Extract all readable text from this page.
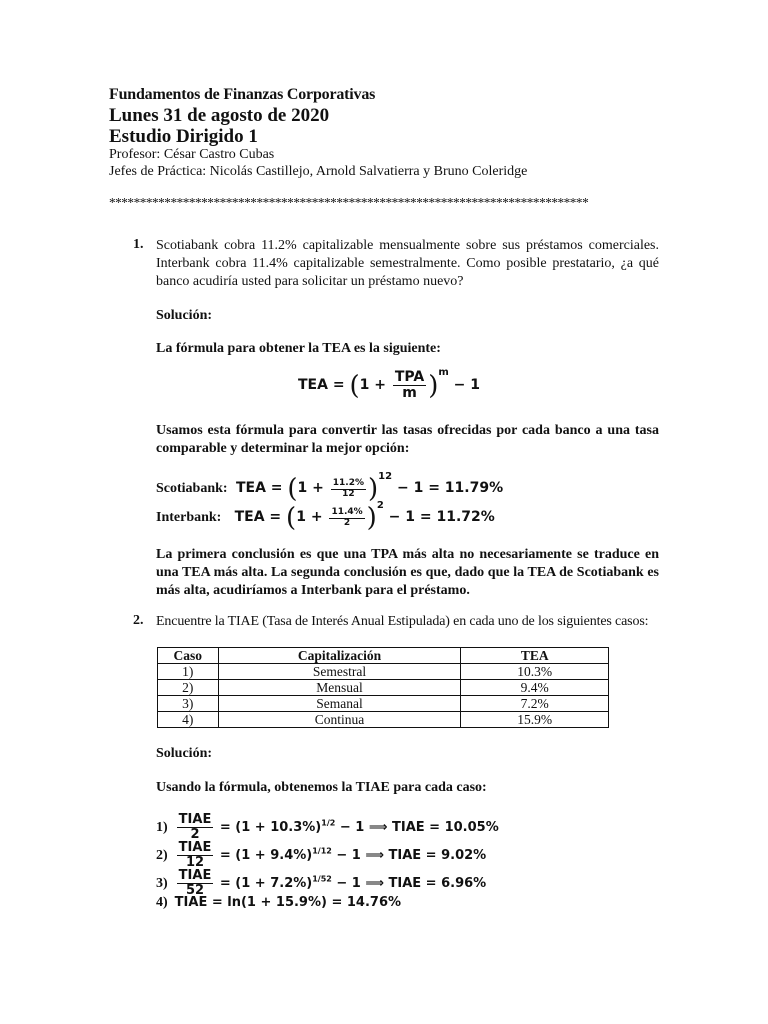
Fundamentos de Finanzas Corporativas
Lunes 31 de agosto de 2020
Estudio Dirigido 1
Profesor: César Castro Cubas
Jefes de Práctica: Nicolás Castillejo, Arnold Salvatierra y Bruno Coleridge
******************************************************************************
1. Scotiabank cobra 11.2% capitalizable mensualmente sobre sus préstamos comerciales. Interbank cobra 11.4% capitalizable semestralmente. Como posible prestatario, ¿a qué banco acudiría usted para solicitar un préstamo nuevo?
Solución:
La fórmula para obtener la TEA es la siguiente:
TEA = $(1 + \frac{\text{TPA}}{m} )^m - 1$
Usamos esta fórmula para convertir las tasas ofrecidas por cada banco a una tasa comparable y determinar la mejor opción:
Scotiabank:  TEA = $(1 + \frac{11.2\%}{12} )^{12} - 1 = 11.79\%$
Interbank:   TEA = $(1 + \frac{11.4\%}{2} )^2 - 1 = 11.72\%$
La primera conclusión es que una TPA más alta no necesariamente se traduce en una TEA más alta. La segunda conclusión es que, dado que la TEA de Scotiabank es más alta, acudiríamos a Interbank para el préstamo.
2. Encuentre la TIAE (Tasa de Interés Anual Estipulada) en cada uno de los siguientes casos:
Caso	Capitalización	TEA
1)	Semestral	10.3%
2)	Mensual	9.4%
3)	Semanal	7.2%
4)	Continua	15.9%
Solución:
Usando la fórmula, obtenemos la TIAE para cada caso:
$1) \frac{\text{TIAE}}{2} = (1 + 10.3\%)^{1/2} - 1$ ⟹ TIAE = 10.05%
$2) \frac{\text{TIAE}}{12} = (1 + 9.4\%)^{1/12} - 1$ ⟹ TIAE = 9.02%
$3) \frac{\text{TIAE}}{52} = (1 + 7.2\%)^{1/52} - 1$ ⟹ TIAE = 6.96%
4) TIAE = ln(1 + 15.9%) = 14.76%
